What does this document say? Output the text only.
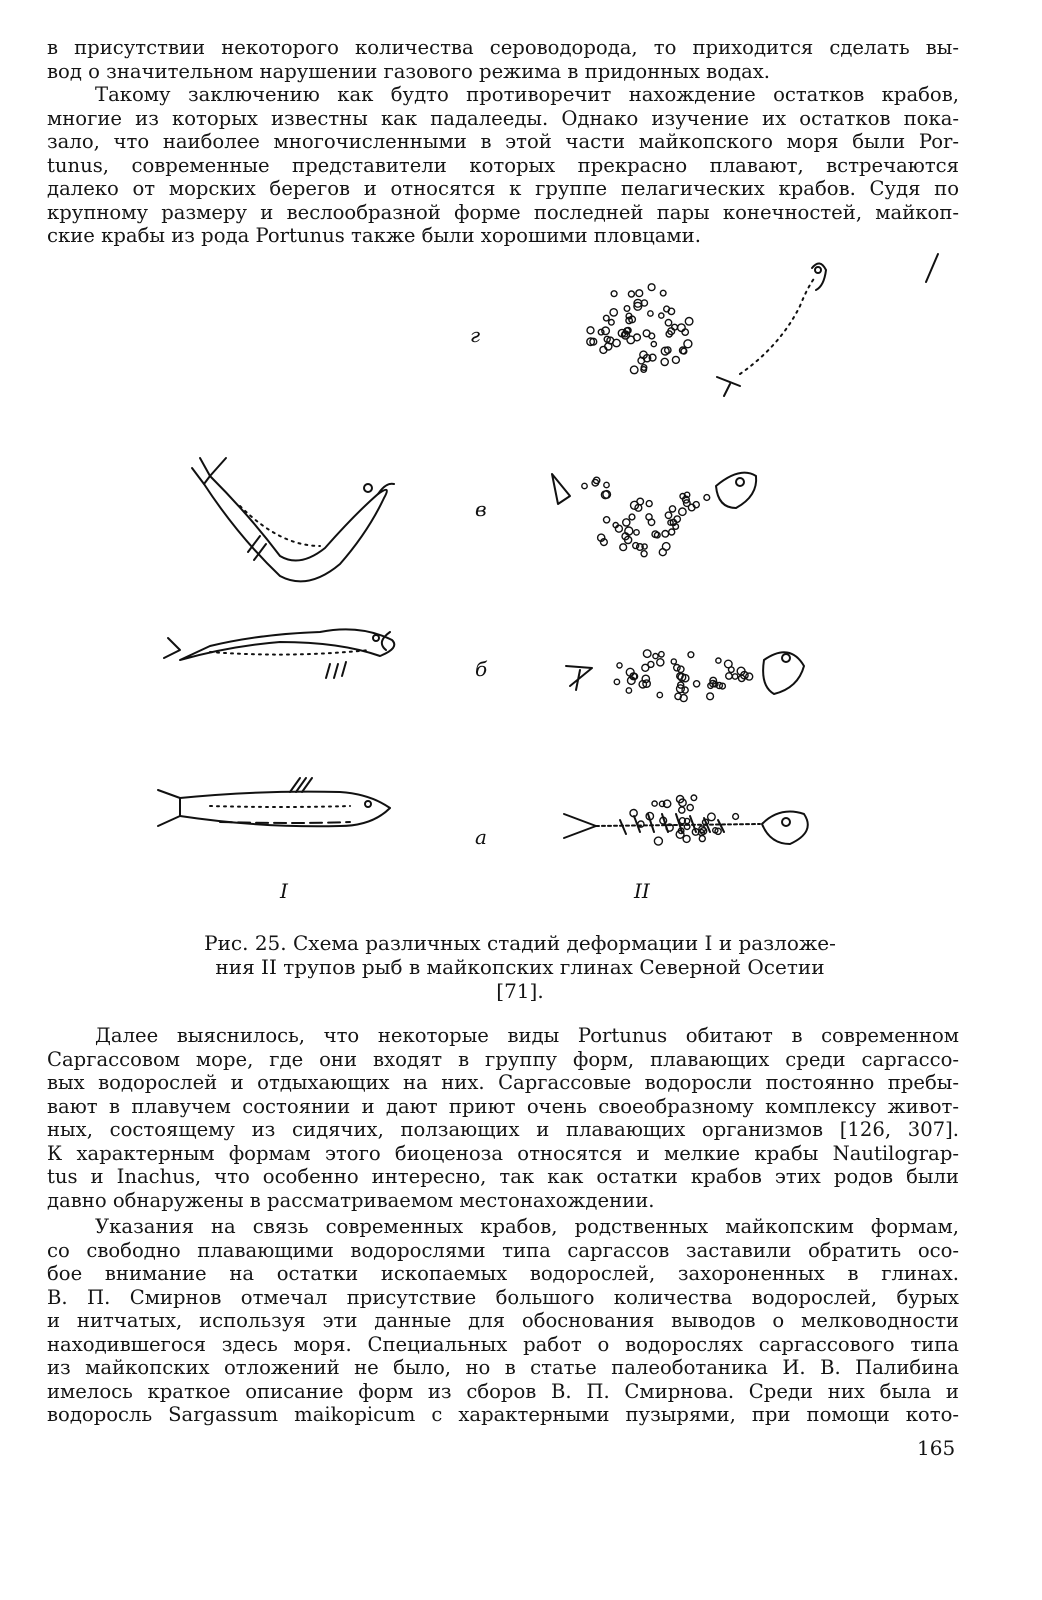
в присутствии некоторого количества сероводорода, то приходится сделать вы-
вод о значительном нарушении газового режима в придонных водах.
Такому заключению как будто противоречит нахождение остатков крабов,
многие из которых известны как падалееды. Однако изучение их остатков пока-
зало, что наиболее многочисленными в этой части майкопского моря были Por-
tunus, современные представители которых прекрасно плавают, встречаются
далеко от морских берегов и относятся к группе пелагических крабов. Судя по
крупному размеру и веслообразной форме последней пары конечностей, майкоп-
ские крабы из рода Portunus также были хорошими пловцами.
г
в
б
а
I	II
Рис. 25. Схема различных стадий деформации I и разложе-
ния II трупов рыб в майкопских глинах Северной Осетии
[71].
Далее выяснилось, что некоторые виды Portunus обитают в современном
Саргассовом море, где они входят в группу форм, плавающих среди саргассо-
вых водорослей и отдыхающих на них. Саргассовые водоросли постоянно пребы-
вают в плавучем состоянии и дают приют очень своеобразному комплексу живот-
ных, состоящему из сидячих, ползающих и плавающих организмов [126, 307].
К характерным формам этого биоценоза относятся и мелкие крабы Nautilograp-
tus и Inachus, что особенно интересно, так как остатки крабов этих родов были
давно обнаружены в рассматриваемом местонахождении.
Указания на связь современных крабов, родственных майкопским формам,
со свободно плавающими водорослями типа саргассов заставили обратить осо-
бое внимание на остатки ископаемых водорослей, захороненных в глинах.
В. П. Смирнов отмечал присутствие большого количества водорослей, бурых
и нитчатых, используя эти данные для обоснования выводов о мелководности
находившегося здесь моря. Специальных работ о водорослях саргассового типа
из майкопских отложений не было, но в статье палеоботаника И. В. Палибина
имелось краткое описание форм из сборов В. П. Смирнова. Среди них была и
водоросль Sargassum maikopicum с характерными пузырями, при помощи кото-
165
